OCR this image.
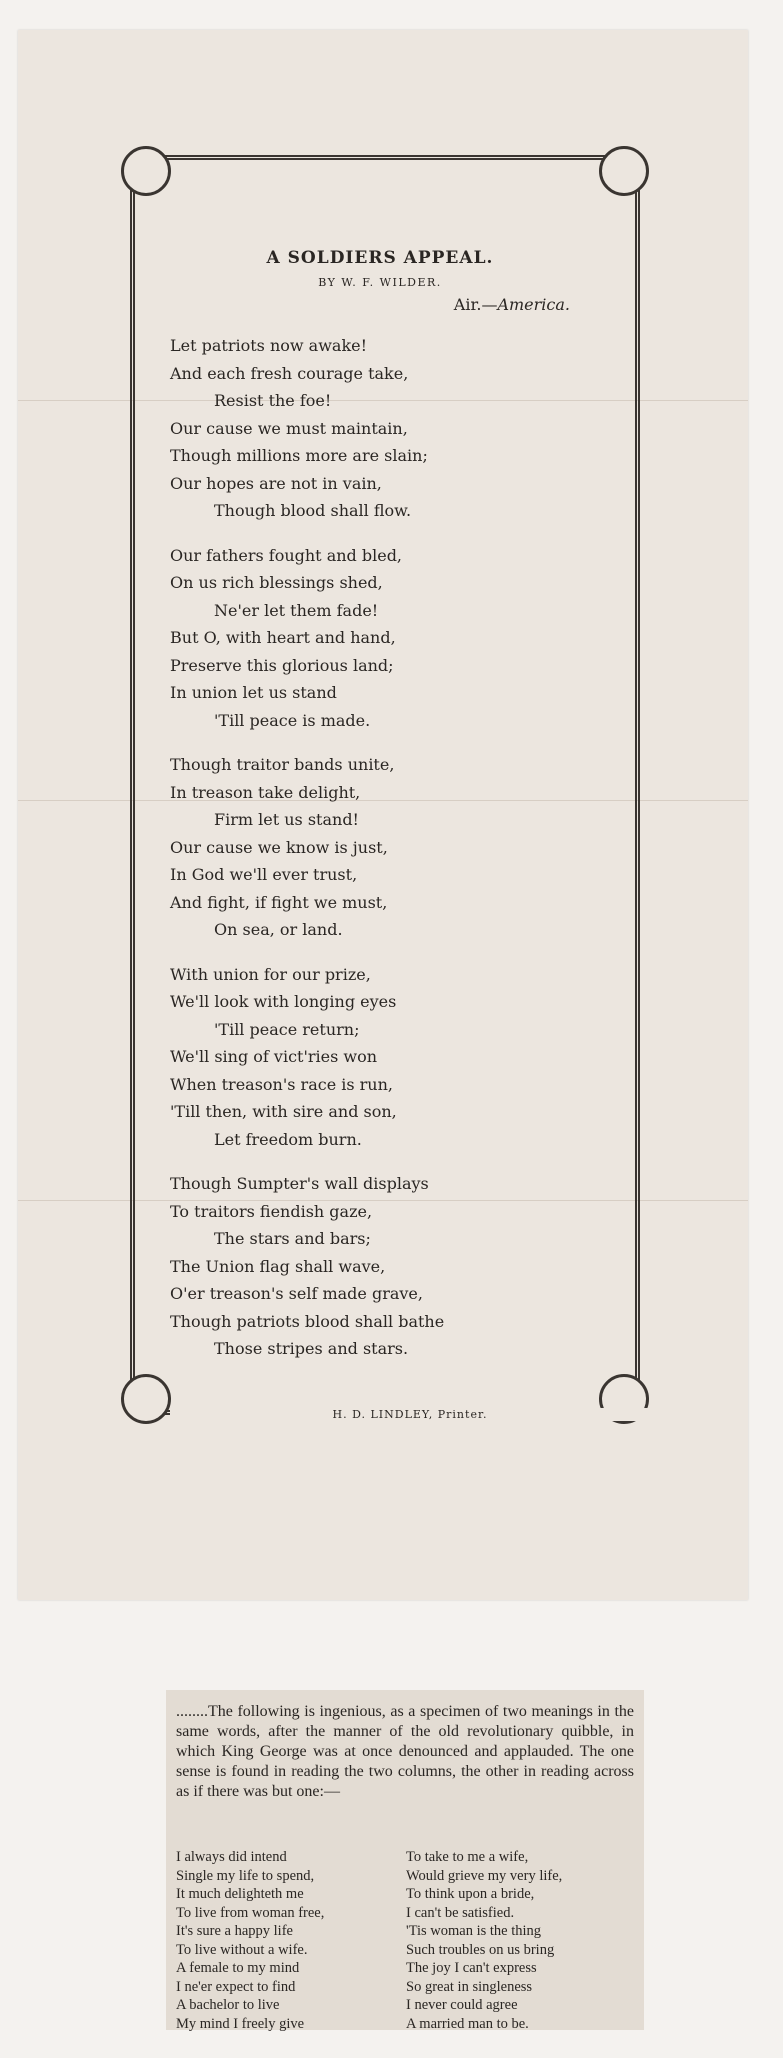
A SOLDIERS APPEAL.
BY W. F. WILDER.
Air.—America.
Let patriots now awake!
And each fresh courage take,
Resist the foe!
Our cause we must maintain,
Though millions more are slain;
Our hopes are not in vain,
Though blood shall flow.
Our fathers fought and bled,
On us rich blessings shed,
Ne'er let them fade!
But O, with heart and hand,
Preserve this glorious land;
In union let us stand
'Till peace is made.
Though traitor bands unite,
In treason take delight,
Firm let us stand!
Our cause we know is just,
In God we'll ever trust,
And fight, if fight we must,
On sea, or land.
With union for our prize,
We'll look with longing eyes
'Till peace return;
We'll sing of vict'ries won
When treason's race is run,
'Till then, with sire and son,
Let freedom burn.
Though Sumpter's wall displays
To traitors fiendish gaze,
The stars and bars;
The Union flag shall wave,
O'er treason's self made grave,
Though patriots blood shall bathe
Those stripes and stars.
H. D. LINDLEY, Printer.

........The following is ingenious, as a specimen of two meanings in the same words, after the manner of the old revolutionary quibble, in which King George was at once denounced and applauded. The one sense is found in reading the two columns, the other in reading across as if there was but one:—

I always did intend
Single my life to spend,
It much delighteth me
To live from woman free,
It's sure a happy life
To live without a wife.
A female to my mind
I ne'er expect to find
A bachelor to live
My mind I freely give
To take to me a wife,
Would grieve my very life,
To think upon a bride,
I can't be satisfied.
'Tis woman is the thing
Such troubles on us bring
The joy I can't express
So great in singleness
I never could agree
A married man to be.
